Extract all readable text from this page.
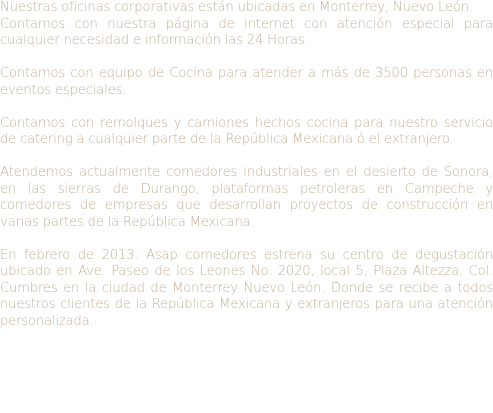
Nuestras oficinas corporativas están ubicadas en Monterrey, Nuevo León.

Contamos con nuestra página de internet con atención especial para cualquier necesidad e información las 24 Horas.

Contamos con equipo de Cocina para atender a más de 3500 personas en eventos especiales.

Contamos con remolques y camiones hechos cocina para nuestro servicio de catering a cualquier parte de la República Mexicana ó el extranjero.

Atendemos actualmente comedores industriales en el desierto de Sonora, en las sierras de Durango, plataformas petroleras en Campeche y comedores de empresas que desarrollan proyectos de construcción en varias partes de la República Mexicana.

En febrero de 2013. Asap comedores estrena su centro de degustación ubicado en Ave. Paseo de los Leones No. 2020, local 5, Plaza Altezza, Col. Cumbres en la ciudad de Monterrey Nuevo León. Donde se recibe a todos nuestros clientes de la República Mexicana y extranjeros para una atención personalizada.
